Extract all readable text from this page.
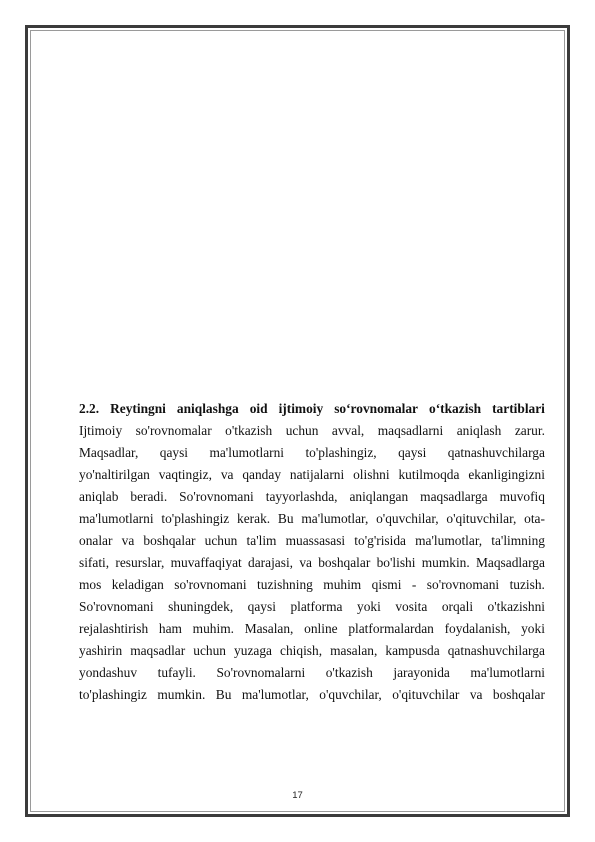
2.2. Reytingni aniqlashga oid ijtimoiy so‘rovnomalar o‘tkazish tartiblari
Ijtimoiy so'rovnomalar o'tkazish uchun avval, maqsadlarni aniqlash zarur.
Maqsadlar, qaysi ma'lumotlarni to'plashingiz, qaysi qatnashuvchilarga
yo'naltirilgan vaqtingiz, va qanday natijalarni olishni kutilmoqda ekanligingizni
aniqlab beradi. So'rovnomani tayyorlashda, aniqlangan maqsadlarga muvofiq
ma'lumotlarni to'plashingiz kerak. Bu ma'lumotlar, o'quvchilar, o'qituvchilar, ota-
onalar va boshqalar uchun ta'lim muassasasi to'g'risida ma'lumotlar, ta'limning
sifati, resurslar, muvaffaqiyat darajasi, va boshqalar bo'lishi mumkin. Maqsadlarga
mos keladigan so'rovnomani tuzishning muhim qismi - so'rovnomani tuzish.
So'rovnomani shuningdek, qaysi platforma yoki vosita orqali o'tkazishni
rejalashtirish ham muhim. Masalan, online platformalardan foydalanish, yoki
yashirin maqsadlar uchun yuzaga chiqish, masalan, kampusda qatnashuvchilarga
yondashuv tufayli. So'rovnomalarni o'tkazish jarayonida ma'lumotlarni
to'plashingiz mumkin. Bu ma'lumotlar, o'quvchilar, o'qituvchilar va boshqalar
17
